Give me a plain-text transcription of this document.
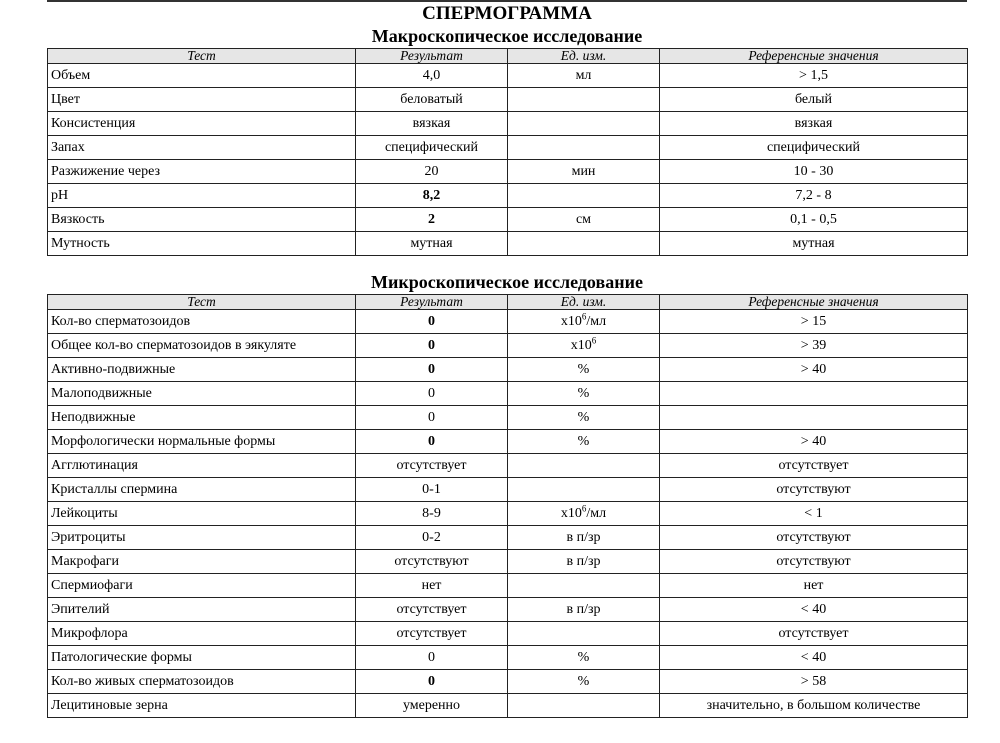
СПЕРМОГРАММА
Макроскопическое исследование
Тест	Результат	Ед. изм.	Референсные значения
Объем	4,0	мл	> 1,5
Цвет	беловатый		белый
Консистенция	вязкая		вязкая
Запах	специфический		специфический
Разжижение через	20	мин	10 - 30
pH	8,2		7,2 - 8
Вязкость	2	см	0,1 - 0,5
Мутность	мутная		мутная
Микроскопическое исследование
Тест	Результат	Ед. изм.	Референсные значения
Кол-во сперматозоидов	0	$x10^6/мл$	> 15
Общее кол-во сперматозоидов в эякуляте	0	$x10^6$	> 39
Активно-подвижные	0	%	> 40
Малоподвижные	0	%	
Неподвижные	0	%	
Морфологически нормальные формы	0	%	> 40
Агглютинация	отсутствует		отсутствует
Кристаллы спермина	0-1		отсутствуют
Лейкоциты	8-9	$x10^6/мл$	< 1
Эритроциты	0-2	в п/зр	отсутствуют
Макрофаги	отсутствуют	в п/зр	отсутствуют
Спермиофаги	нет		нет
Эпителий	отсутствует	в п/зр	< 40
Микрофлора	отсутствует		отсутствует
Патологические формы	0	%	< 40
Кол-во живых сперматозоидов	0	%	> 58
Лецитиновые зерна	умеренно		значительно, в большом количестве
